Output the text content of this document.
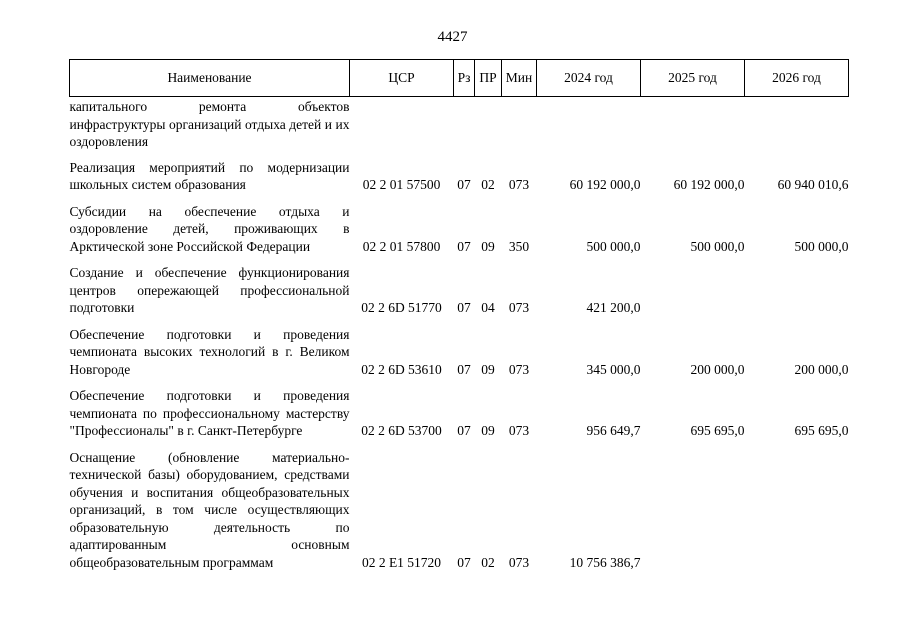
4427
Наименование	ЦСР	Рз	ПР	Мин	2024 год	2025 год	2026 год
капитального ремонта объектов инфраструктуры организаций отдыха детей и их оздоровления							
Реализация мероприятий по модернизации школьных систем образования	02 2 01 57500	07	02	073	60 192 000,0	60 192 000,0	60 940 010,6
Субсидии на обеспечение отдыха и оздоровление детей, проживающих в Арктической зоне Российской Федерации	02 2 01 57800	07	09	350	500 000,0	500 000,0	500 000,0
Создание и обеспечение функционирования центров опережающей профессиональной подготовки	02 2 6D 51770	07	04	073	421 200,0		
Обеспечение подготовки и проведения чемпионата высоких технологий в г. Великом Новгороде	02 2 6D 53610	07	09	073	345 000,0	200 000,0	200 000,0
Обеспечение подготовки и проведения чемпионата по профессиональному мастерству "Профессионалы" в г. Санкт-Петербурге	02 2 6D 53700	07	09	073	956 649,7	695 695,0	695 695,0
Оснащение (обновление материально-технической базы) оборудованием, средствами обучения и воспитания общеобразовательных организаций, в том числе осуществляющих образовательную деятельность по адаптированным основным общеобразовательным программам	02 2 E1 51720	07	02	073	10 756 386,7		
